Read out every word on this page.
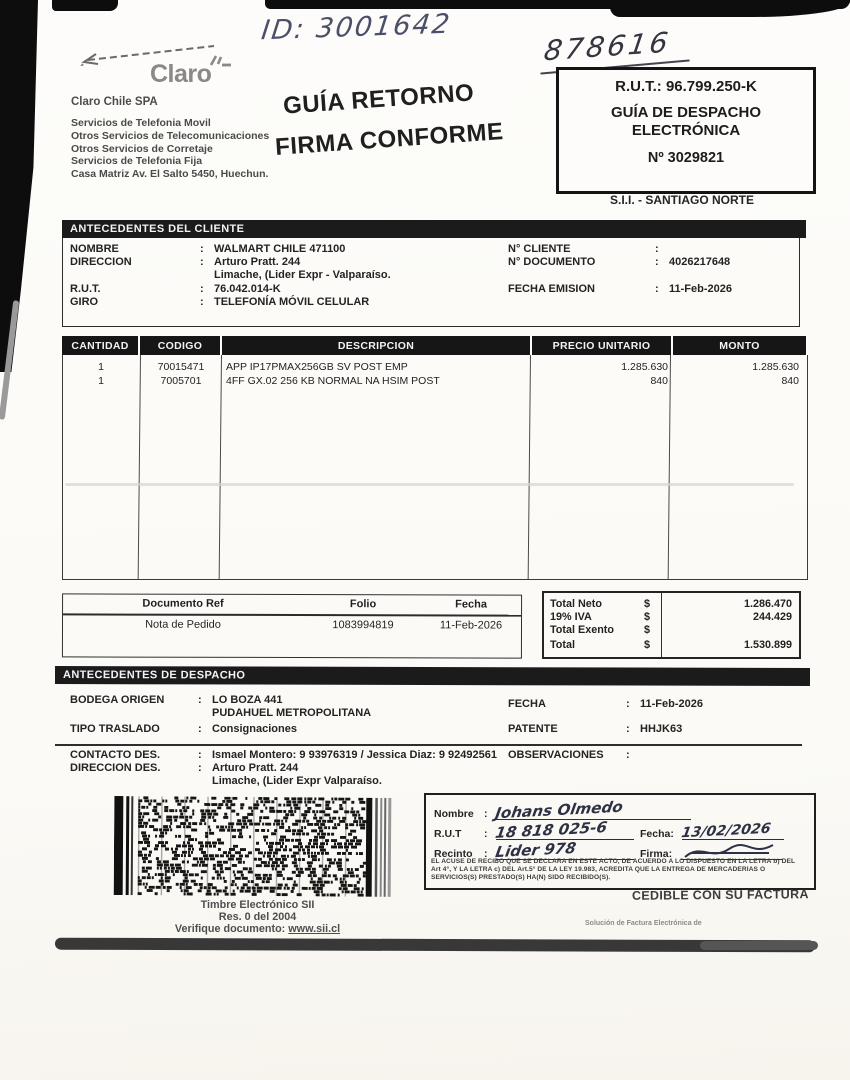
Claro
Claro Chile SPA
Servicios de Telefonia Movil
Otros Servicios de Telecomunicaciones
Otros Servicios de Corretaje
Servicios de Telefonia Fija
Casa Matriz Av. El Salto 5450, Huechun.
ID: 3001642	878616
GUÍA RETORNO
FIRMA CONFORME
R.U.T.: 96.799.250-K
GUÍA DE DESPACHO
ELECTRÓNICA
Nº 3029821
S.I.I. - SANTIAGO NORTE
ANTECEDENTES DEL CLIENTE
NOMBRE	: WALMART CHILE 471100
DIRECCION	: Arturo Pratt. 244
Limache, (Lider Expr - Valparaíso.
R.U.T.	: 76.042.014-K
GIRO	: TELEFONÍA MÓVIL CELULAR
N° CLIENTE	:
N° DOCUMENTO	: 4026217648
FECHA EMISION	: 11-Feb-2026
CANTIDAD	CODIGO	DESCRIPCION	PRECIO UNITARIO	MONTO
1	70015471	APP IP17PMAX256GB SV POST EMP	1.285.630	1.285.630
1	7005701	4FF GX.02 256 KB NORMAL NA HSIM POST	840	840
Documento Ref	Folio	Fecha
Nota de Pedido	1083994819	11-Feb-2026
Total Neto	$	1.286.470
19% IVA	$	244.429
Total Exento	$
Total	$	1.530.899
ANTECEDENTES DE DESPACHO
BODEGA ORIGEN	: LO BOZA 441
PUDAHUEL METROPOLITANA
TIPO TRASLADO	: Consignaciones
FECHA	: 11-Feb-2026
PATENTE	: HHJK63
CONTACTO DES.	: Ismael Montero: 9 93976319 / Jessica Diaz: 9 92492561
DIRECCION DES.	: Arturo Pratt. 244
Limache, (Lider Expr Valparaíso.
OBSERVACIONES :
Timbre Electrónico SII
Res. 0 del 2004
Verifique documento: www.sii.cl
Nombre : Johans Olmedo
R.U.T : 18 818 025-6	Fecha: 13/02/2026
Recinto : Lider 978	Firma:
EL ACUSE DE RECIBO QUE SE DECLARA EN ESTE ACTO, DE ACUERDO A LO DISPUESTO EN LA LETRA b) DEL Art 4°, Y LA LETRA c) DEL Art.5° DE LA LEY 19.983, ACREDITA QUE LA ENTREGA DE MERCADERIAS O SERVICIOS(S) PRESTADO(S) HA(N) SIDO RECIBIDO(S).
CEDIBLE CON SU FACTURA
Solución de Factura Electrónica de
